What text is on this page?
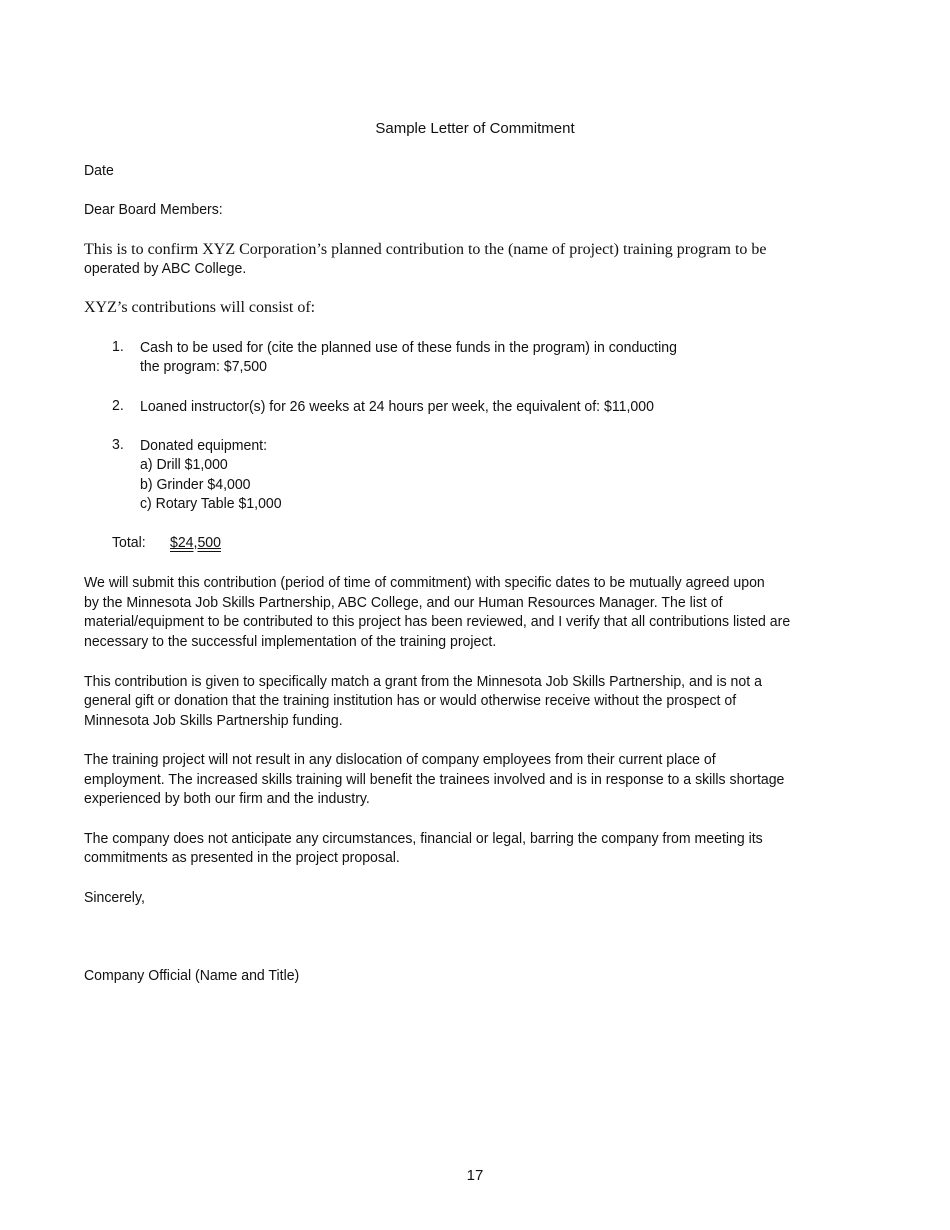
Sample Letter of Commitment
Date
Dear Board Members:
This is to confirm XYZ Corporation’s planned contribution to the (name of project) training program to be
operated by ABC College.
XYZ’s contributions will consist of:
1. Cash to be used for (cite the planned use of these funds in the program) in conducting
the program: $7,500
2. Loaned instructor(s) for 26 weeks at 24 hours per week, the equivalent of: $11,000
3. Donated equipment:
a) Drill $1,000
b) Grinder $4,000
c) Rotary Table $1,000
Total: $24,500
We will submit this contribution (period of time of commitment) with specific dates to be mutually agreed upon
by the Minnesota Job Skills Partnership, ABC College, and our Human Resources Manager. The list of
material/equipment to be contributed to this project has been reviewed, and I verify that all contributions listed are
necessary to the successful implementation of the training project.
This contribution is given to specifically match a grant from the Minnesota Job Skills Partnership, and is not a
general gift or donation that the training institution has or would otherwise receive without the prospect of
Minnesota Job Skills Partnership funding.
The training project will not result in any dislocation of company employees from their current place of
employment. The increased skills training will benefit the trainees involved and is in response to a skills shortage
experienced by both our firm and the industry.
The company does not anticipate any circumstances, financial or legal, barring the company from meeting its
commitments as presented in the project proposal.
Sincerely,
Company Official (Name and Title)
17
